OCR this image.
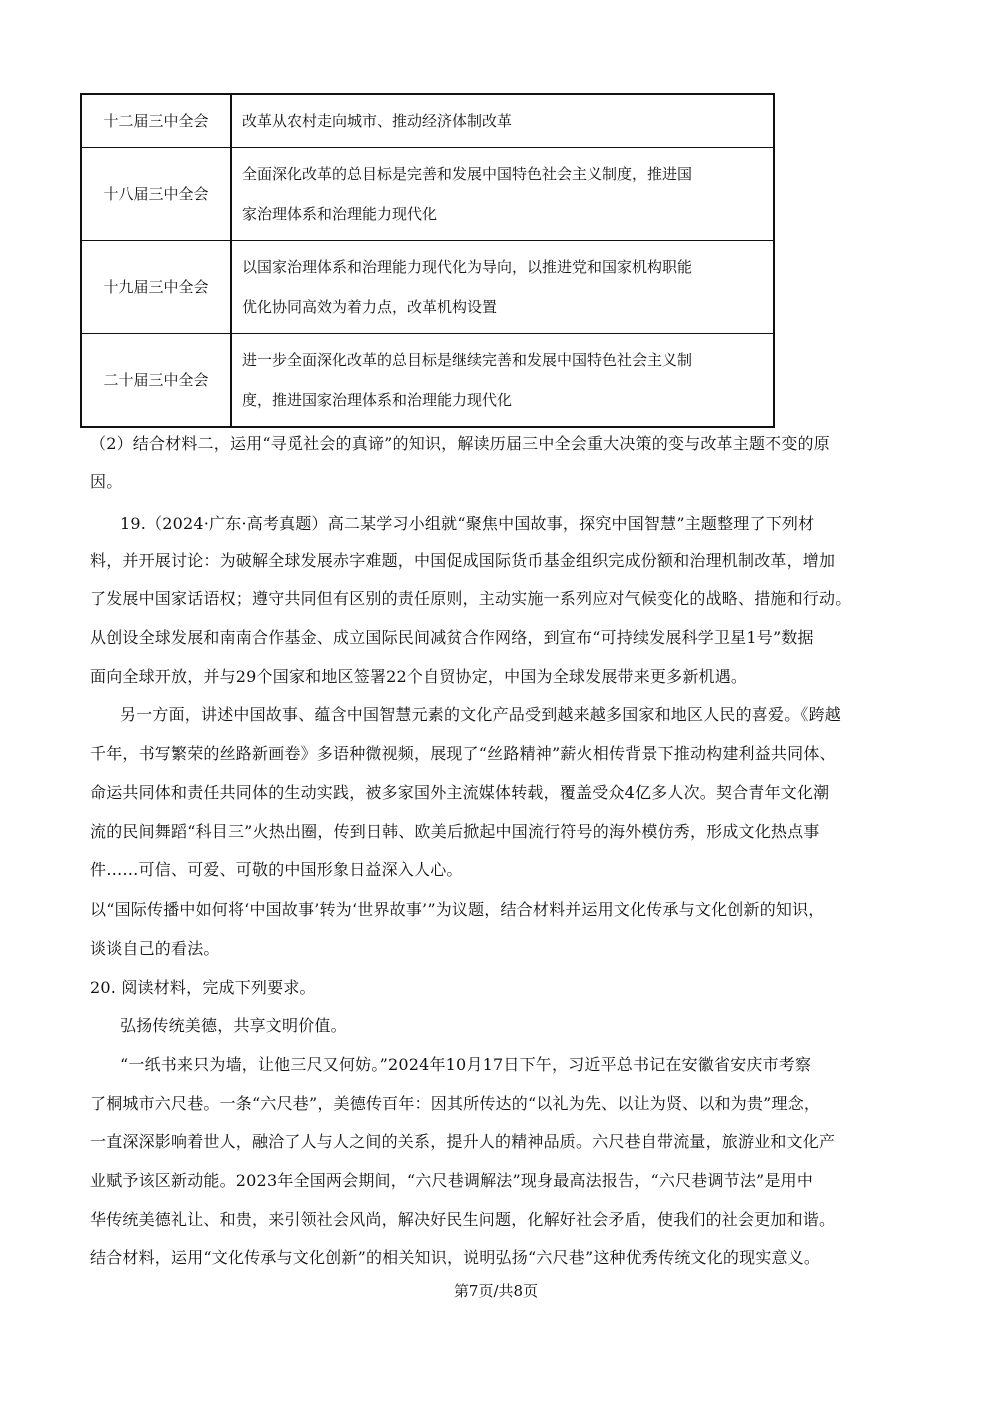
十二届三中全会	改革从农村走向城市、推动经济体制改革
十八届三中全会	全面深化改革的总目标是完善和发展中国特色社会主义制度，推进国
家治理体系和治理能力现代化

十九届三中全会	以国家治理体系和治理能力现代化为导向，以推进党和国家机构职能
优化协同高效为着力点，改革机构设置

二十届三中全会	进一步全面深化改革的总目标是继续完善和发展中国特色社会主义制
度，推进国家治理体系和治理能力现代化
（2）结合材料二，运用“寻觅社会的真谛”的知识，解读历届三中全会重大决策的变与改革主题不变的原
因。
19.（2024·广东·高考真题）高二某学习小组就“聚焦中国故事，探究中国智慧”主题整理了下列材
料，并开展讨论：为破解全球发展赤字难题，中国促成国际货币基金组织完成份额和治理机制改革，增加
了发展中国家话语权；遵守共同但有区别的责任原则，主动实施一系列应对气候变化的战略、措施和行动。
从创设全球发展和南南合作基金、成立国际民间减贫合作网络，到宣布“可持续发展科学卫星1号”数据
面向全球开放，并与29个国家和地区签署22个自贸协定，中国为全球发展带来更多新机遇。
另一方面，讲述中国故事、蕴含中国智慧元素的文化产品受到越来越多国家和地区人民的喜爱。《跨越
千年，书写繁荣的丝路新画卷》多语种微视频，展现了“丝路精神”薪火相传背景下推动构建利益共同体、
命运共同体和责任共同体的生动实践，被多家国外主流媒体转载，覆盖受众4亿多人次。契合青年文化潮
流的民间舞蹈“科目三”火热出圈，传到日韩、欧美后掀起中国流行符号的海外模仿秀，形成文化热点事
件……可信、可爱、可敬的中国形象日益深入人心。
以“国际传播中如何将‘中国故事’转为‘世界故事’”为议题，结合材料并运用文化传承与文化创新的知识，
谈谈自己的看法。
20. 阅读材料，完成下列要求。
弘扬传统美德，共享文明价值。
“一纸书来只为墙，让他三尺又何妨。”2024年10月17日下午，习近平总书记在安徽省安庆市考察
了桐城市六尺巷。一条“六尺巷”，美德传百年：因其所传达的“以礼为先、以让为贤、以和为贵”理念，
一直深深影响着世人，融洽了人与人之间的关系，提升人的精神品质。六尺巷自带流量，旅游业和文化产
业赋予该区新动能。2023年全国两会期间，“六尺巷调解法”现身最高法报告，“六尺巷调节法”是用中
华传统美德礼让、和贵，来引领社会风尚，解决好民生问题，化解好社会矛盾，使我们的社会更加和谐。
结合材料，运用“文化传承与文化创新”的相关知识，说明弘扬“六尺巷”这种优秀传统文化的现实意义。
第7页/共8页
